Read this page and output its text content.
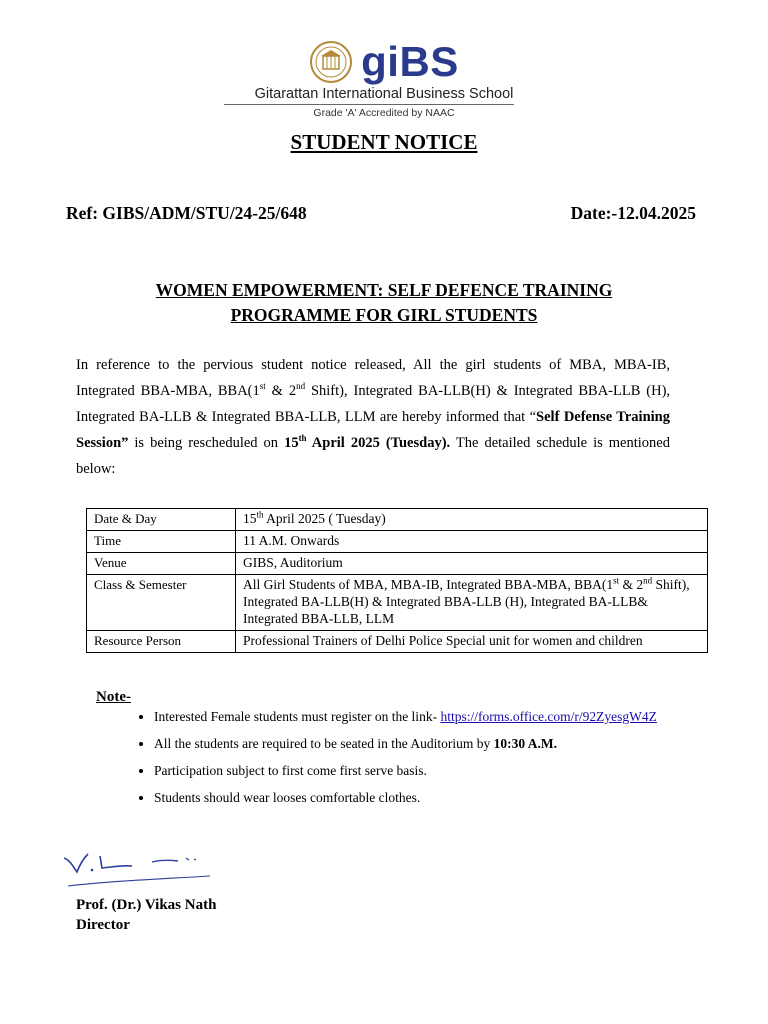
giBS
Gitarattan International Business School
Grade 'A' Accredited by NAAC
STUDENT NOTICE
Ref: GIBS/ADM/STU/24-25/648	Date:-12.04.2025
WOMEN EMPOWERMENT: SELF DEFENCE TRAINING
PROGRAMME FOR GIRL STUDENTS
In reference to the pervious student notice released, All the girl students of MBA, MBA-IB, Integrated BBA-MBA, BBA(1st & 2nd Shift), Integrated BA-LLB(H) & Integrated BBA-LLB (H), Integrated BA-LLB & Integrated BBA-LLB, LLM are hereby informed that “Self Defense Training Session” is being rescheduled on 15th April 2025 (Tuesday). The detailed schedule is mentioned below:
Date & Day	15th April 2025 ( Tuesday)
Time	11 A.M. Onwards
Venue	GIBS, Auditorium
Class & Semester	All Girl Students of MBA, MBA-IB, Integrated BBA-MBA, BBA(1st & 2nd Shift), Integrated BA-LLB(H) & Integrated BBA-LLB (H), Integrated BA-LLB& Integrated BBA-LLB, LLM
Resource Person	Professional Trainers of Delhi Police Special unit for women and children
Note-
• Interested Female students must register on the link- https://forms.office.com/r/92ZyesgW4Z
• All the students are required to be seated in the Auditorium by 10:30 A.M.
• Participation subject to first come first serve basis.
• Students should wear looses comfortable clothes.
Prof. (Dr.) Vikas Nath
Director
